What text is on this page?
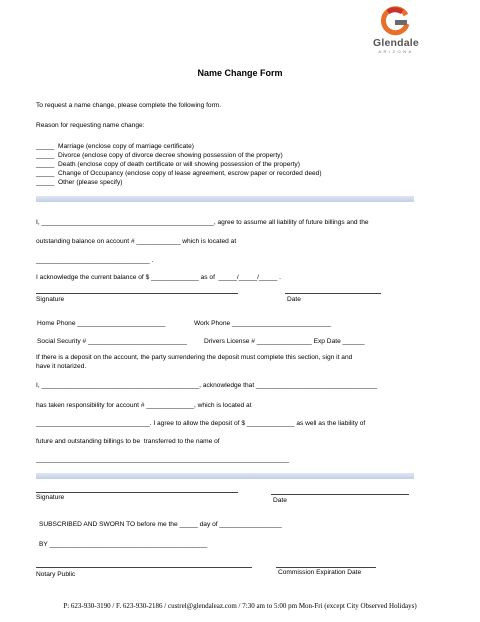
Glendale
ARIZONA
Name Change Form
To request a name change, please complete the following form.
Reason for requesting name change:
_____  Marriage (enclose copy of marriage certificate)
_____  Divorce (enclose copy of divorce decree showing possession of the property)
_____  Death (enclose copy of death certificate or will showing possession of the property)
_____  Change of Occupancy (enclose copy of lease agreement, escrow paper or recorded deed)
_____  Other (please specify)
I, _______________________________________________, agree to assume all liability of future billings and the
outstanding balance on account # ____________ which is located at
_______________________________ .
I acknowledge the current balance of $ _____________ as of  _____/_____/_____ .
Signature	Date
Home Phone ________________________	Work Phone ___________________________
Social Security # ___________________________	Drivers License # _______________ Exp Date ______
If there is a deposit on the account, the party surrendering the deposit must complete this section, sign it and
have it notarized.
I, ___________________________________________, acknowledge that _________________________________
has taken responsibility for account # _____________, which is located at
_______________________________. I agree to allow the deposit of $ _____________ as well as the liability of
future and outstanding billings to be  transferred to the name of
_____________________________________________________________________
Signature	Date
SUBSCRIBED AND SWORN TO before me the _____ day of _________________
BY ___________________________________________
Notary Public	Commission Expiration Date
P: 623-930-3190 / F. 623-930-2186 / custrel@glendaleaz.com / 7:30 am to 5:00 pm Mon-Fri (except City Observed Holidays)
